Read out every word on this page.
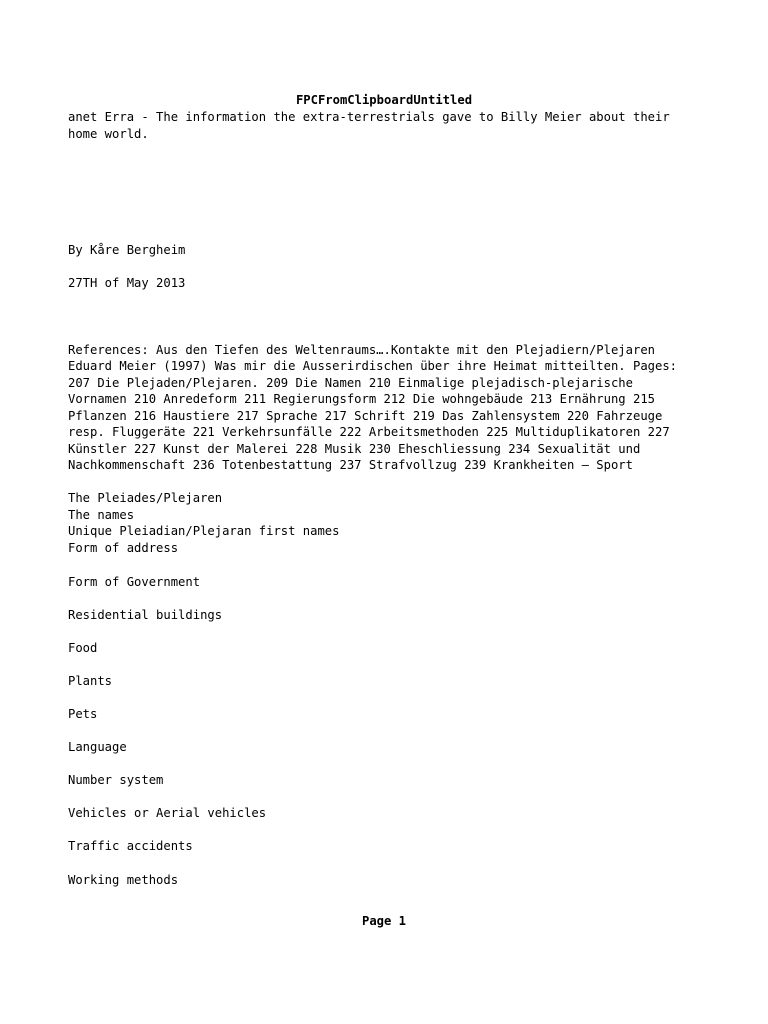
FPCFromClipboardUntitled
anet Erra - The information the extra-terrestrials gave to Billy Meier about their
home world.
By Kåre Bergheim
27TH of May 2013
References: Aus den Tiefen des Weltenraums….Kontakte mit den Plejadiern/Plejaren
Eduard Meier (1997) Was mir die Ausserirdischen über ihre Heimat mitteilten. Pages:
207 Die Plejaden/Plejaren. 209 Die Namen 210 Einmalige plejadisch-plejarische
Vornamen 210 Anredeform 211 Regierungsform 212 Die wohngebäude 213 Ernährung 215
Pflanzen 216 Haustiere 217 Sprache 217 Schrift 219 Das Zahlensystem 220 Fahrzeuge
resp. Fluggeräte 221 Verkehrsunfälle 222 Arbeitsmethoden 225 Multiduplikatoren 227
Künstler 227 Kunst der Malerei 228 Musik 230 Eheschliessung 234 Sexualität und
Nachkommenschaft 236 Totenbestattung 237 Strafvollzug 239 Krankheiten – Sport
The Pleiades/Plejaren
The names
Unique Pleiadian/Plejaran first names
Form of address
Form of Government
Residential buildings
Food
Plants
Pets
Language
Number system
Vehicles or Aerial vehicles
Traffic accidents
Working methods
Page 1
